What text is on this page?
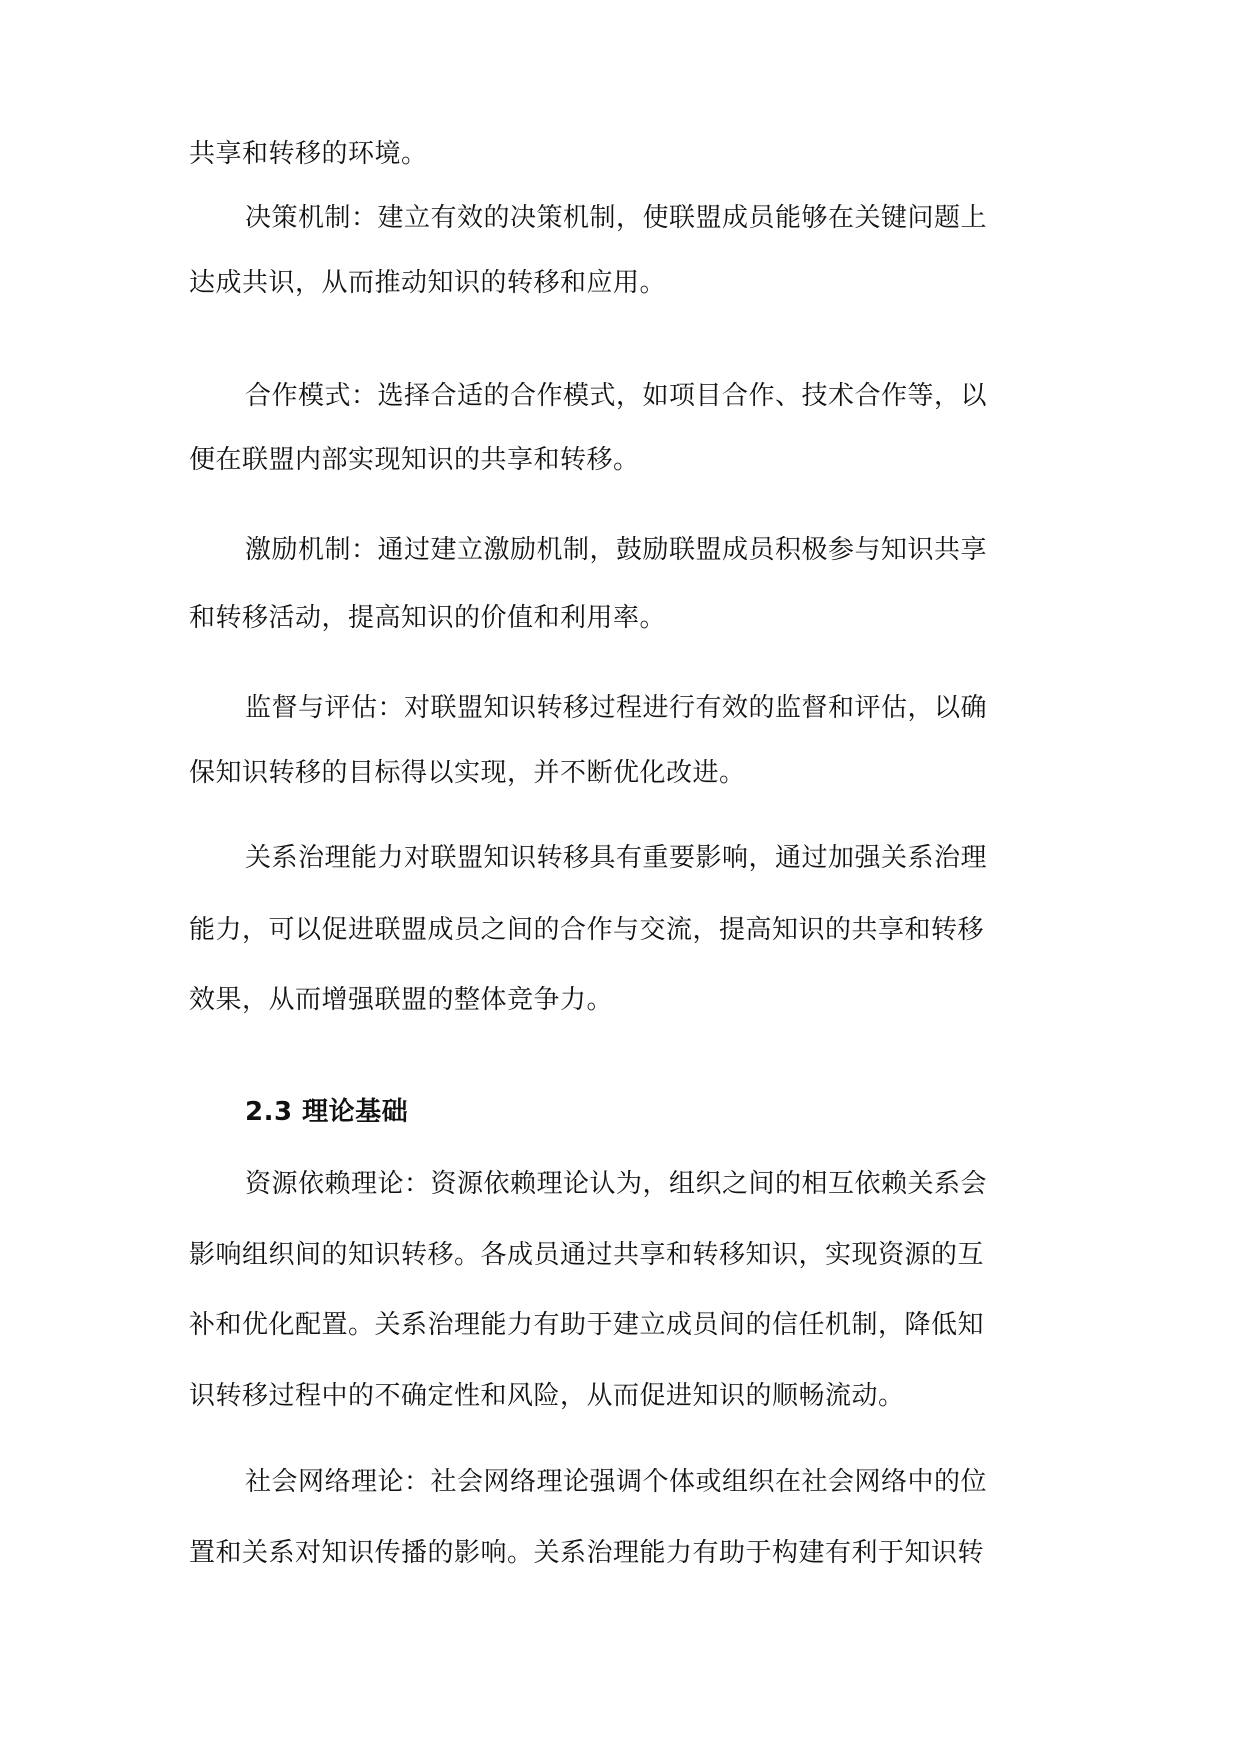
共享和转移的环境。
决策机制：建立有效的决策机制，使联盟成员能够在关键问题上
达成共识，从而推动知识的转移和应用。
合作模式：选择合适的合作模式，如项目合作、技术合作等，以
便在联盟内部实现知识的共享和转移。
激励机制：通过建立激励机制，鼓励联盟成员积极参与知识共享
和转移活动，提高知识的价值和利用率。
监督与评估：对联盟知识转移过程进行有效的监督和评估，以确
保知识转移的目标得以实现，并不断优化改进。
关系治理能力对联盟知识转移具有重要影响，通过加强关系治理
能力，可以促进联盟成员之间的合作与交流，提高知识的共享和转移
效果，从而增强联盟的整体竞争力。
2.3 理论基础
资源依赖理论：资源依赖理论认为，组织之间的相互依赖关系会
影响组织间的知识转移。各成员通过共享和转移知识，实现资源的互
补和优化配置。关系治理能力有助于建立成员间的信任机制，降低知
识转移过程中的不确定性和风险，从而促进知识的顺畅流动。
社会网络理论：社会网络理论强调个体或组织在社会网络中的位
置和关系对知识传播的影响。关系治理能力有助于构建有利于知识转
